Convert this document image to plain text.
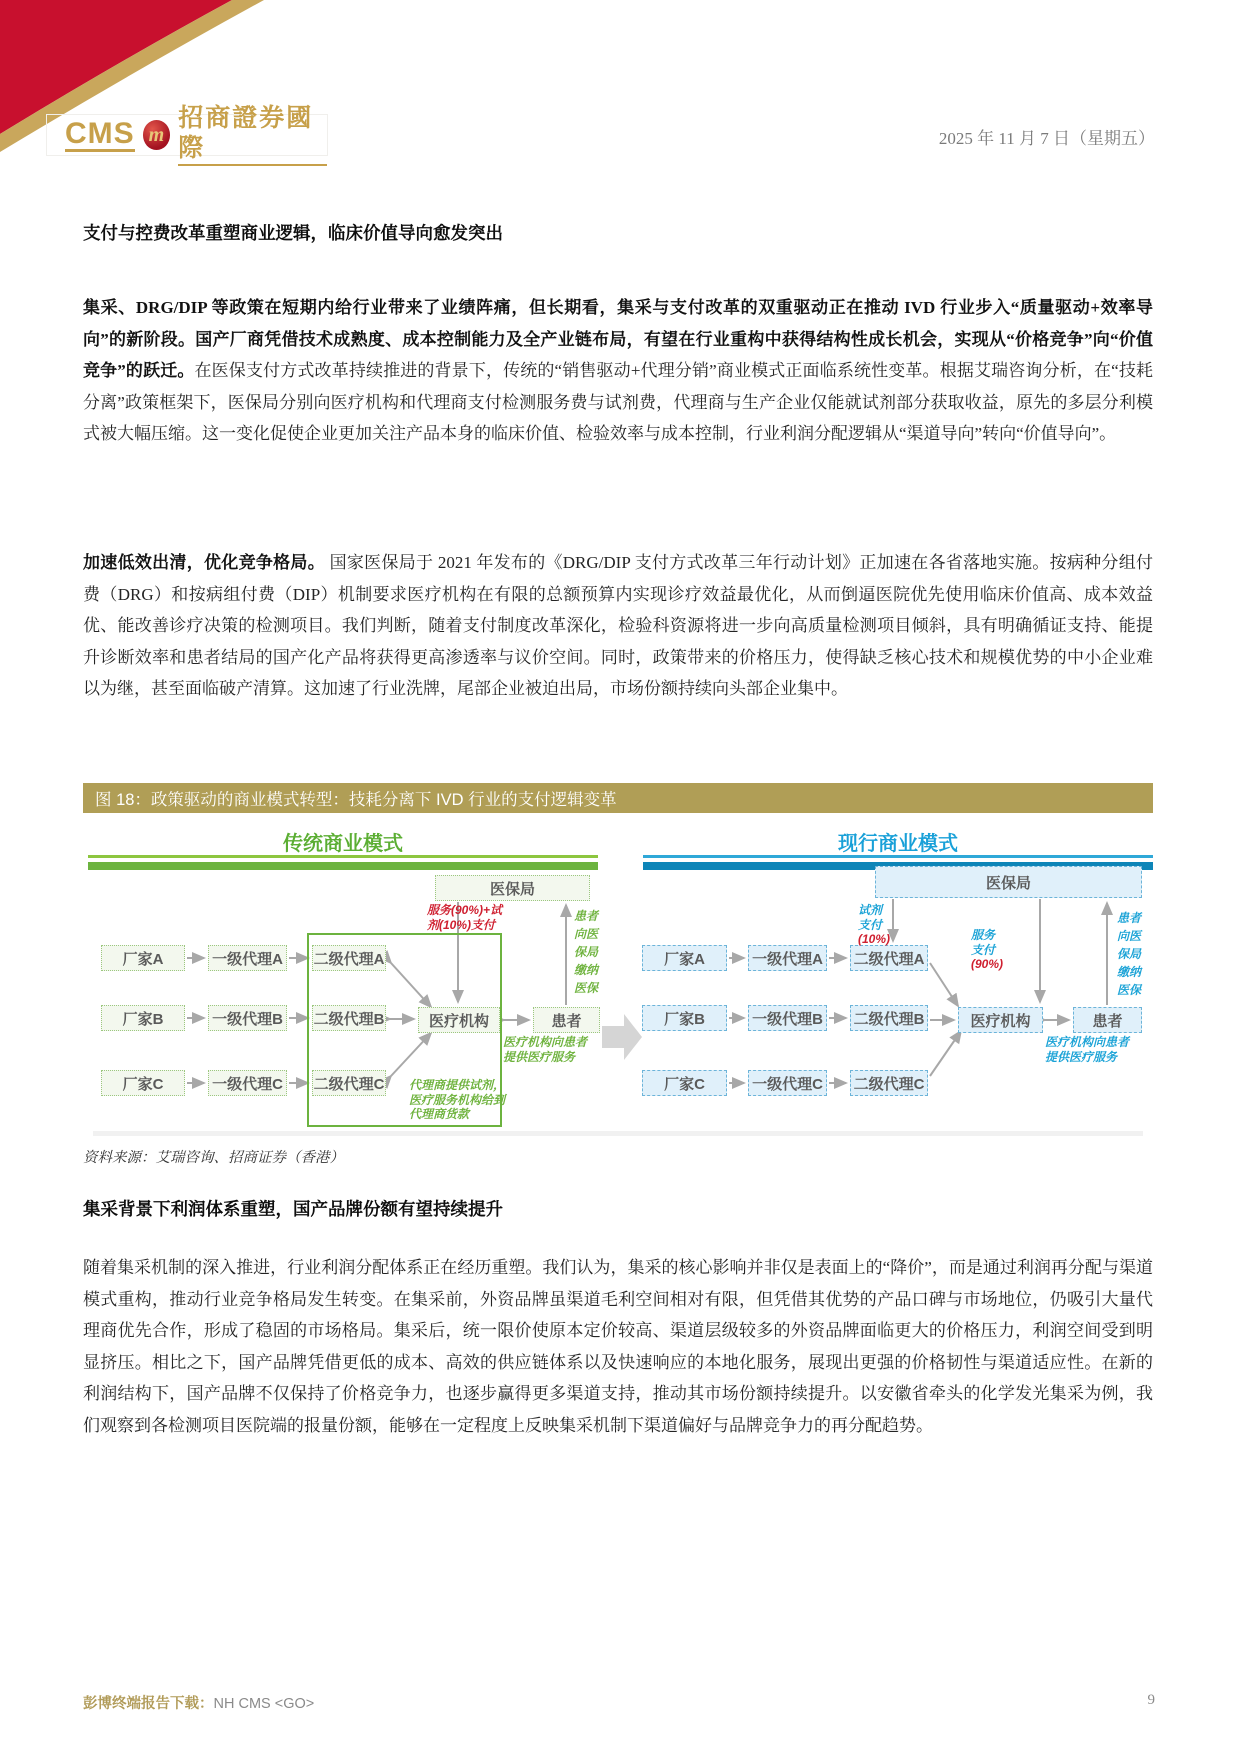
CMS m
招商證券國際	2025 年 11 月 7 日（星期五）
支付与控费改革重塑商业逻辑，临床价值导向愈发突出
集采、DRG/DIP 等政策在短期内给行业带来了业绩阵痛，但长期看，集采与支付改革的双重驱动正在推动 IVD 行业步入“质量驱动+效率导向”的新阶段。国产厂商凭借技术成熟度、成本控制能力及全产业链布局，有望在行业重构中获得结构性成长机会，实现从“价格竞争”向“价值竞争”的跃迁。在医保支付方式改革持续推进的背景下，传统的“销售驱动+代理分销”商业模式正面临系统性变革。根据艾瑞咨询分析，在“技耗分离”政策框架下，医保局分别向医疗机构和代理商支付检测服务费与试剂费，代理商与生产企业仅能就试剂部分获取收益，原先的多层分利模式被大幅压缩。这一变化促使企业更加关注产品本身的临床价值、检验效率与成本控制，行业利润分配逻辑从“渠道导向”转向“价值导向”。
加速低效出清，优化竞争格局。 国家医保局于 2021 年发布的《DRG/DIP 支付方式改革三年行动计划》正加速在各省落地实施。按病种分组付费（DRG）和按病组付费（DIP）机制要求医疗机构在有限的总额预算内实现诊疗效益最优化，从而倒逼医院优先使用临床价值高、成本效益优、能改善诊疗决策的检测项目。我们判断，随着支付制度改革深化，检验科资源将进一步向高质量检测项目倾斜，具有明确循证支持、能提升诊断效率和患者结局的国产化产品将获得更高渗透率与议价空间。同时，政策带来的价格压力，使得缺乏核心技术和规模优势的中小企业难以为继，甚至面临破产清算。这加速了行业洗牌，尾部企业被迫出局，市场份额持续向头部企业集中。
图 18：政策驱动的商业模式转型：技耗分离下 IVD 行业的支付逻辑变革
传统商业模式	现行商业模式
医保局
厂家A	一级代理A 二级代理A
厂家B	一级代理B 二级代理B	医疗机构	患者
厂家C	一级代理C 二级代理C
服务(90%)+试
剂(10%)支付
患者
向医
保局
缴纳
医保
医疗机构向患者
提供医疗服务
代理商提供试剂，
医疗服务机构给到
代理商货款
医保局
厂家A	一级代理A 二级代理A
厂家B	一级代理B 二级代理B	医疗机构	患者
厂家C	一级代理C 二级代理C
试剂
支付

(10%)	服务
支付

(90%)
患者
向医
保局
缴纳
医保
医疗机构向患者
提供医疗服务
资料来源：艾瑞咨询、招商证券（香港）
集采背景下利润体系重塑，国产品牌份额有望持续提升
随着集采机制的深入推进，行业利润分配体系正在经历重塑。我们认为，集采的核心影响并非仅是表面上的“降价”，而是通过利润再分配与渠道模式重构，推动行业竞争格局发生转变。在集采前，外资品牌虽渠道毛利空间相对有限，但凭借其优势的产品口碑与市场地位，仍吸引大量代理商优先合作，形成了稳固的市场格局。集采后，统一限价使原本定价较高、渠道层级较多的外资品牌面临更大的价格压力，利润空间受到明显挤压。相比之下，国产品牌凭借更低的成本、高效的供应链体系以及快速响应的本地化服务，展现出更强的价格韧性与渠道适应性。在新的利润结构下，国产品牌不仅保持了价格竞争力，也逐步赢得更多渠道支持，推动其市场份额持续提升。以安徽省牵头的化学发光集采为例，我们观察到各检测项目医院端的报量份额，能够在一定程度上反映集采机制下渠道偏好与品牌竞争力的再分配趋势。
彭博终端报告下载：NH CMS <GO>	9
